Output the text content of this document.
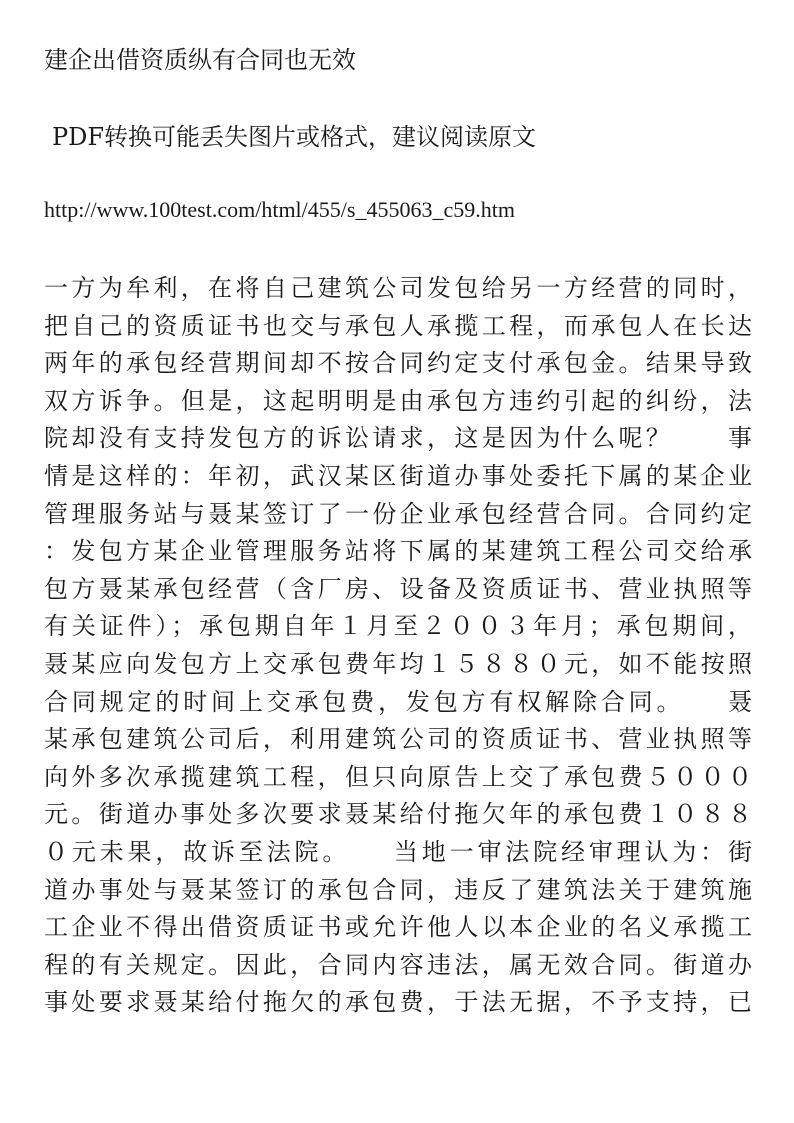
建企出借资质纵有合同也无效
PDF转换可能丢失图片或格式，建议阅读原文
http://www.100test.com/html/455/s_455063_c59.htm
一方为牟利，在将自己建筑公司发包给另一方经营的同时，
把自己的资质证书也交与承包人承揽工程，而承包人在长达
两年的承包经营期间却不按合同约定支付承包金。结果导致
双方诉争。但是，这起明明是由承包方违约引起的纠纷，法
院却没有支持发包方的诉讼请求，这是因为什么呢？　　事
情是这样的：年初，武汉某区街道办事处委托下属的某企业
管理服务站与聂某签订了一份企业承包经营合同。合同约定
：发包方某企业管理服务站将下属的某建筑工程公司交给承
包方聂某承包经营（含厂房、设备及资质证书、营业执照等
有关证件）；承包期自年１月至２００３年月；承包期间，
聂某应向发包方上交承包费年均１５８８０元，如不能按照
合同规定的时间上交承包费，发包方有权解除合同。　　聂
某承包建筑公司后，利用建筑公司的资质证书、营业执照等
向外多次承揽建筑工程，但只向原告上交了承包费５０００
元。街道办事处多次要求聂某给付拖欠年的承包费１０８８
０元未果，故诉至法院。　　当地一审法院经审理认为：街
道办事处与聂某签订的承包合同，违反了建筑法关于建筑施
工企业不得出借资质证书或允许他人以本企业的名义承揽工
程的有关规定。因此，合同内容违法，属无效合同。街道办
事处要求聂某给付拖欠的承包费，于法无据，不予支持，已
